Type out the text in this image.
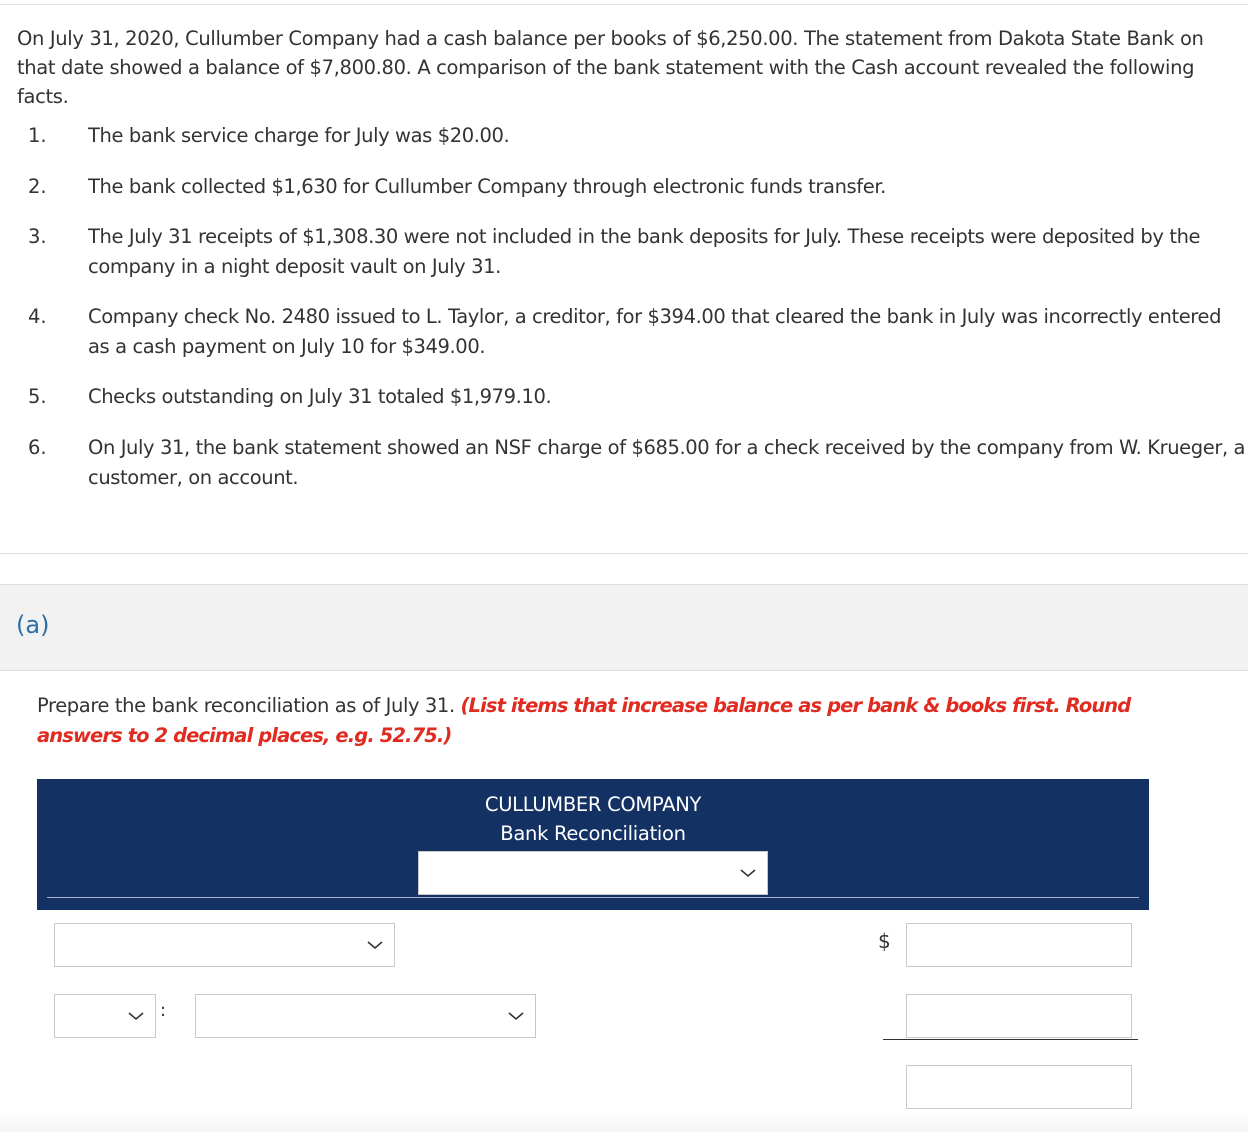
On July 31, 2020, Cullumber Company had a cash balance per books of $6,250.00. The statement from Dakota State Bank on that date showed a balance of $7,800.80. A comparison of the bank statement with the Cash account revealed the following facts.
1. The bank service charge for July was $20.00.
2. The bank collected $1,630 for Cullumber Company through electronic funds transfer.
3. The July 31 receipts of $1,308.30 were not included in the bank deposits for July. These receipts were deposited by the company in a night deposit vault on July 31.
4. Company check No. 2480 issued to L. Taylor, a creditor, for $394.00 that cleared the bank in July was incorrectly entered as a cash payment on July 10 for $349.00.
5. Checks outstanding on July 31 totaled $1,979.10.
6. On July 31, the bank statement showed an NSF charge of $685.00 for a check received by the company from W. Krueger, a customer, on account.
(a)
Prepare the bank reconciliation as of July 31. (List items that increase balance as per bank & books first. Round answers to 2 decimal places, e.g. 52.75.)
CULLUMBER COMPANY
Bank Reconciliation
$
:
